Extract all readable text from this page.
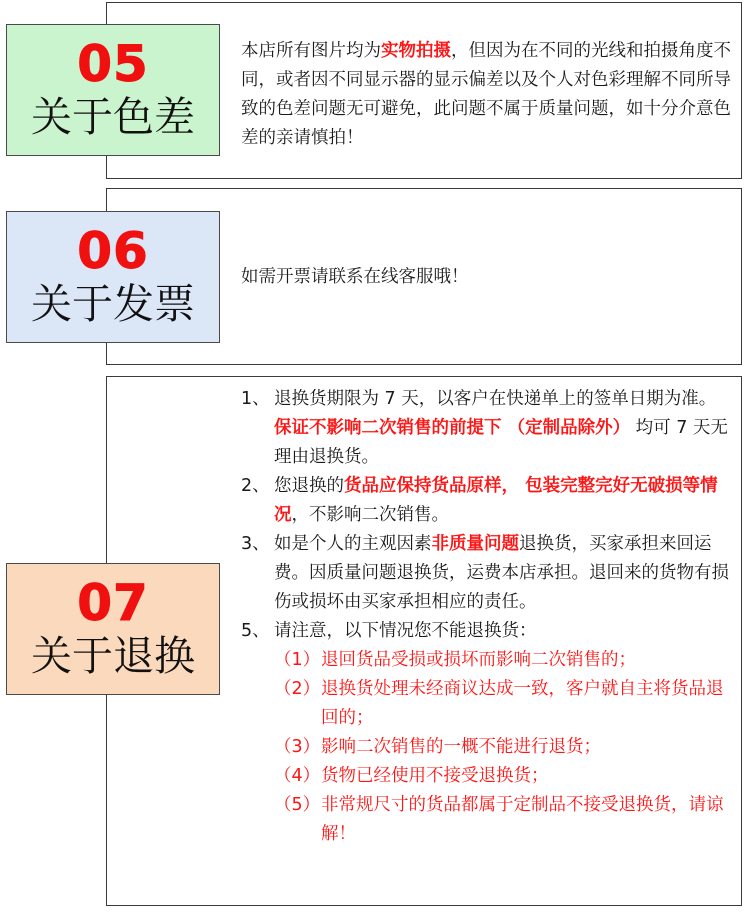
本店所有图片均为实物拍摄，但因为在不同的光线和拍摄角度不同，或者因不同显示器的显示偏差以及个人对色彩理解不同所导致的色差问题无可避免，此问题不属于质量问题，如十分介意色差的亲请慎拍！
05
关于色差
如需开票请联系在线客服哦！
06
关于发票
1、 退换货期限为 7 天，以客户在快递单上的签单日期为准。保证不影响二次销售的前提下 （定制品除外） 均可 7 天无理由退换货。
2、 您退换的货品应保持货品原样， 包装完整完好无破损等情况，不影响二次销售。
3、 如是个人的主观因素非质量问题退换货，买家承担来回运费。因质量问题退换货，运费本店承担。退回来的货物有损伤或损坏由买家承担相应的责任。
5、 请注意，以下情况您不能退换货：
（1） 退回货品受损或损坏而影响二次销售的；
（2） 退换货处理未经商议达成一致，客户就自主将货品退回的；
（3） 影响二次销售的一概不能进行退货；
（4） 货物已经使用不接受退换货；
（5） 非常规尺寸的货品都属于定制品不接受退换货，请谅解！
07
关于退换
